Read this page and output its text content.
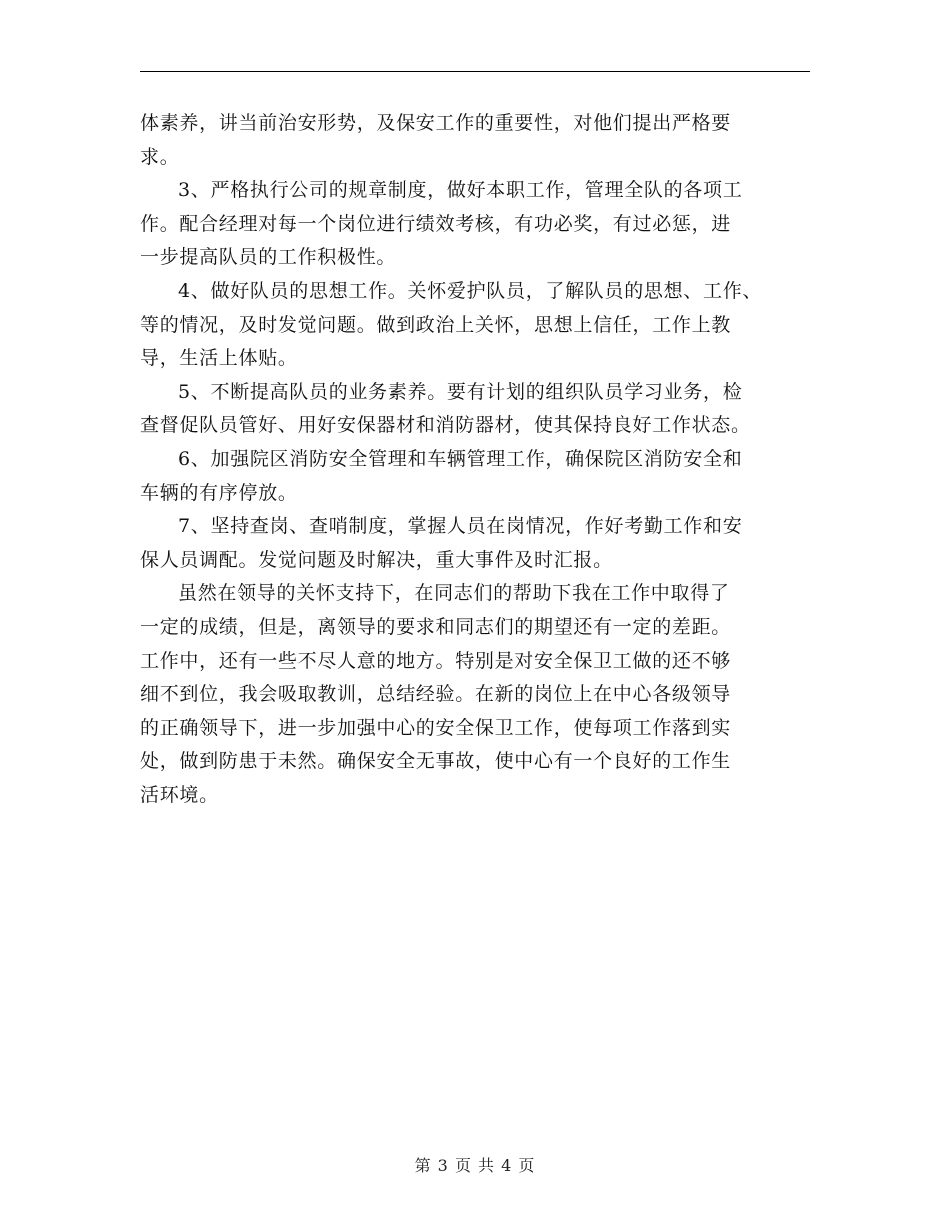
体素养，讲当前治安形势，及保安工作的重要性，对他们提出严格要
求。
3、严格执行公司的规章制度，做好本职工作，管理全队的各项工
作。配合经理对每一个岗位进行绩效考核，有功必奖，有过必惩，进
一步提高队员的工作积极性。
4、做好队员的思想工作。关怀爱护队员，了解队员的思想、工作、
等的情况，及时发觉问题。做到政治上关怀，思想上信任，工作上教
导，生活上体贴。
5、不断提高队员的业务素养。要有计划的组织队员学习业务，检
查督促队员管好、用好安保器材和消防器材，使其保持良好工作状态。
6、加强院区消防安全管理和车辆管理工作，确保院区消防安全和
车辆的有序停放。
7、坚持查岗、查哨制度，掌握人员在岗情况，作好考勤工作和安
保人员调配。发觉问题及时解决，重大事件及时汇报。
虽然在领导的关怀支持下，在同志们的帮助下我在工作中取得了
一定的成绩，但是，离领导的要求和同志们的期望还有一定的差距。
工作中，还有一些不尽人意的地方。特别是对安全保卫工做的还不够
细不到位，我会吸取教训，总结经验。在新的岗位上在中心各级领导
的正确领导下，进一步加强中心的安全保卫工作，使每项工作落到实
处，做到防患于未然。确保安全无事故，使中心有一个良好的工作生
活环境。
第 3 页 共 4 页
